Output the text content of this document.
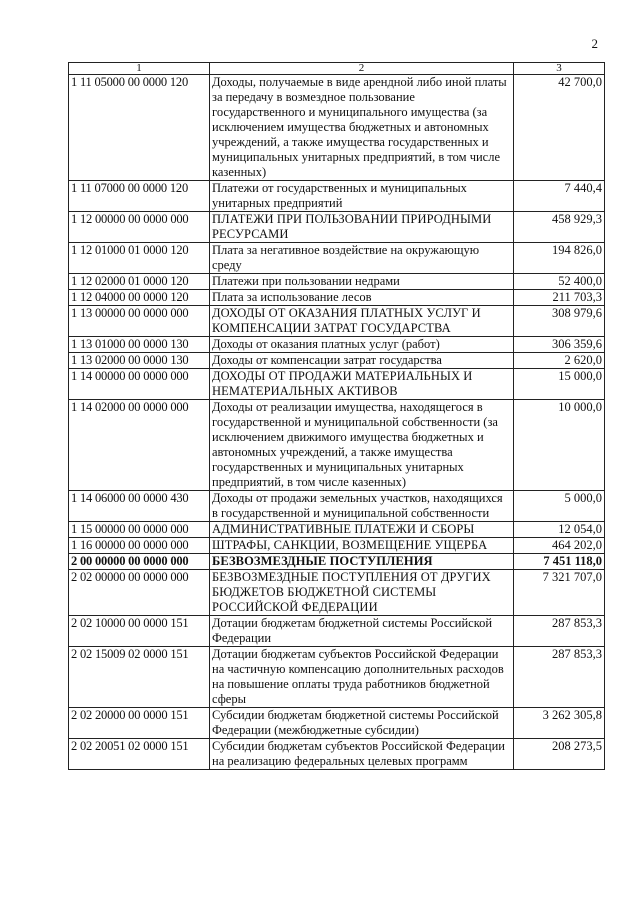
2
1	2	3
1 11 05000 00 0000 120	Доходы, получаемые в виде арендной либо иной платы за передачу в возмездное пользование государственного и муниципального имущества (за исключением имущества бюджетных и автономных учреждений, а также имущества государственных и муниципальных унитарных предприятий, в том числе казенных)	42 700,0
1 11 07000 00 0000 120	Платежи от государственных и муниципальных унитарных предприятий	7 440,4
1 12 00000 00 0000 000	ПЛАТЕЖИ ПРИ ПОЛЬЗОВАНИИ ПРИРОДНЫМИ РЕСУРСАМИ	458 929,3
1 12 01000 01 0000 120	Плата за негативное воздействие на окружающую среду	194 826,0
1 12 02000 01 0000 120	Платежи при пользовании недрами	52 400,0
1 12 04000 00 0000 120	Плата за использование лесов	211 703,3
1 13 00000 00 0000 000	ДОХОДЫ ОТ ОКАЗАНИЯ ПЛАТНЫХ УСЛУГ И КОМПЕНСАЦИИ ЗАТРАТ ГОСУДАРСТВА	308 979,6
1 13 01000 00 0000 130	Доходы от оказания платных услуг (работ)	306 359,6
1 13 02000 00 0000 130	Доходы от компенсации затрат государства	2 620,0
1 14 00000 00 0000 000	ДОХОДЫ ОТ ПРОДАЖИ МАТЕРИАЛЬНЫХ И НЕМАТЕРИАЛЬНЫХ АКТИВОВ	15 000,0
1 14 02000 00 0000 000	Доходы от реализации имущества, находящегося в государственной и муниципальной собственности (за исключением движимого имущества бюджетных и автономных учреждений, а также имущества государственных и муниципальных унитарных предприятий, в том числе казенных)	10 000,0
1 14 06000 00 0000 430	Доходы от продажи земельных участков, находящихся в государственной и муниципальной собственности	5 000,0
1 15 00000 00 0000 000	АДМИНИСТРАТИВНЫЕ ПЛАТЕЖИ И СБОРЫ	12 054,0
1 16 00000 00 0000 000	ШТРАФЫ, САНКЦИИ, ВОЗМЕЩЕНИЕ УЩЕРБА	464 202,0
2 00 00000 00 0000 000	БЕЗВОЗМЕЗДНЫЕ ПОСТУПЛЕНИЯ	7 451 118,0
2 02 00000 00 0000 000	БЕЗВОЗМЕЗДНЫЕ ПОСТУПЛЕНИЯ ОТ ДРУГИХ БЮДЖЕТОВ БЮДЖЕТНОЙ СИСТЕМЫ РОССИЙСКОЙ ФЕДЕРАЦИИ	7 321 707,0
2 02 10000 00 0000 151	Дотации бюджетам бюджетной системы Российской Федерации	287 853,3
2 02 15009 02 0000 151	Дотации бюджетам субъектов Российской Федерации на частичную компенсацию дополнительных расходов на повышение оплаты труда работников бюджетной сферы	287 853,3
2 02 20000 00 0000 151	Субсидии бюджетам бюджетной системы Российской Федерации (межбюджетные субсидии)	3 262 305,8
2 02 20051 02 0000 151	Субсидии бюджетам субъектов Российской Федерации на реализацию федеральных целевых программ	208 273,5
